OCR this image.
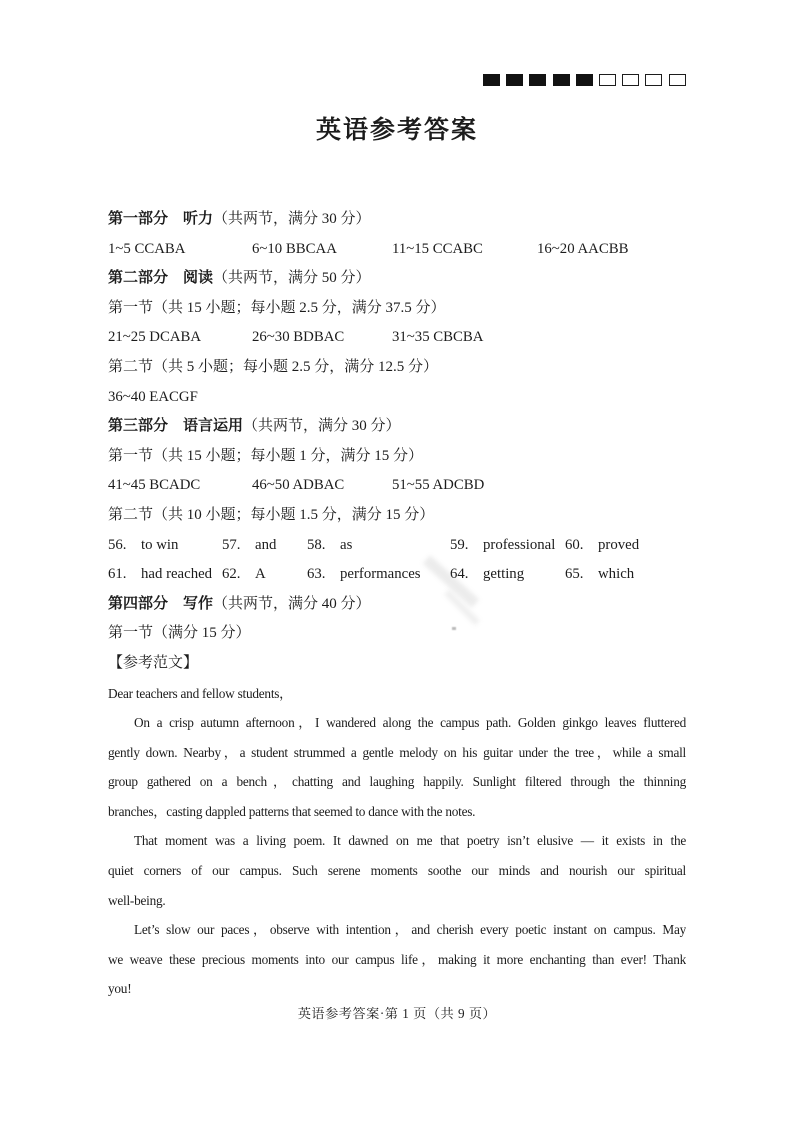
英语参考答案
第一部分　听力（共两节，满分 30 分）
1~5 CCABA	6~10 BBCAA	11~15 CCABC	16~20 AACBB
第二部分　阅读（共两节，满分 50 分）
第一节（共 15 小题；每小题 2.5 分，满分 37.5 分）
21~25 DCABA	26~30 BDBAC	31~35 CBCBA
第二节（共 5 小题；每小题 2.5 分，满分 12.5 分）
36~40 EACGF
第三部分　语言运用（共两节，满分 30 分）
第一节（共 15 小题；每小题 1 分，满分 15 分）
41~45 BCADC	46~50 ADBAC	51~55 ADCBD
第二节（共 10 小题；每小题 1.5 分，满分 15 分）
56. to win	57. and	58. as	59. professional 60. proved
61. had reached 62. A	63. performances	64. getting	65. which
第四部分　写作（共两节，满分 40 分）
第一节（满分 15 分）
【参考范文】
Dear teachers and fellow students，
On a crisp autumn afternoon，I wandered along the campus path. Golden ginkgo leaves fluttered
gently down. Nearby，a student strummed a gentle melody on his guitar under the tree，while a small
group gathered on a bench，chatting and laughing happily. Sunlight filtered through the thinning
branches，casting dappled patterns that seemed to dance with the notes.
That moment was a living poem. It dawned on me that poetry isn’t elusive — it exists in the
quiet corners of our campus. Such serene moments soothe our minds and nourish our spiritual
well-being.
Let’s slow our paces，observe with intention，and cherish every poetic instant on campus. May
we weave these precious moments into our campus life，making it more enchanting than ever! Thank
you!
英语参考答案·第 1 页（共 9 页）
